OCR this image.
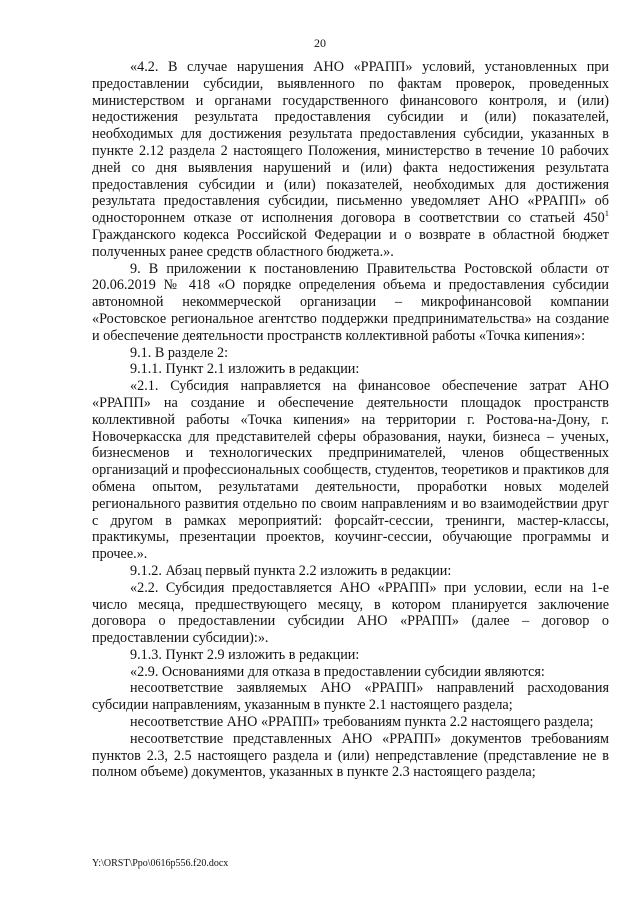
20

«4.2. В случае нарушения АНО «РРАПП» условий, установленных при предоставлении субсидии, выявленного по фактам проверок, проведенных министерством и органами государственного финансового контроля, и (или) недостижения результата предоставления субсидии и (или) показателей, необходимых для достижения результата предоставления субсидии, указанных в пункте 2.12 раздела 2 настоящего Положения, министерство в течение 10 рабочих дней со дня выявления нарушений и (или) факта недостижения результата предоставления субсидии и (или) показателей, необходимых для достижения результата предоставления субсидии, письменно уведомляет АНО «РРАПП» об одностороннем отказе от исполнения договора в соответствии со статьей $450^1$ Гражданского кодекса Российской Федерации и о возврате в областной бюджет полученных ранее средств областного бюджета.».

9. В приложении к постановлению Правительства Ростовской области от 20.06.2019 № 418 «О порядке определения объема и предоставления субсидии автономной некоммерческой организации – микрофинансовой компании «Ростовское региональное агентство поддержки предпринимательства» на создание и обеспечение деятельности пространств коллективной работы «Точка кипения»:

9.1. В разделе 2:

9.1.1. Пункт 2.1 изложить в редакции:

«2.1. Субсидия направляется на финансовое обеспечение затрат АНО «РРАПП» на создание и обеспечение деятельности площадок пространств коллективной работы «Точка кипения» на территории г. Ростова-на-Дону, г. Новочеркасска для представителей сферы образования, науки, бизнеса – ученых, бизнесменов и технологических предпринимателей, членов общественных организаций и профессиональных сообществ, студентов, теоретиков и практиков для обмена опытом, результатами деятельности, проработки новых моделей регионального развития отдельно по своим направлениям и во взаимодействии друг с другом в рамках мероприятий: форсайт-сессии, тренинги, мастер-классы, практикумы, презентации проектов, коучинг-сессии, обучающие программы и прочее.».

9.1.2. Абзац первый пункта 2.2 изложить в редакции:

«2.2. Субсидия предоставляется АНО «РРАПП» при условии, если на 1-е число месяца, предшествующего месяцу, в котором планируется заключение договора о предоставлении субсидии АНО «РРАПП» (далее – договор о предоставлении субсидии):».

9.1.3. Пункт 2.9 изложить в редакции:

«2.9. Основаниями для отказа в предоставлении субсидии являются:

несоответствие заявляемых АНО «РРАПП» направлений расходования субсидии направлениям, указанным в пункте 2.1 настоящего раздела;

несоответствие АНО «РРАПП» требованиям пункта 2.2 настоящего раздела;

несоответствие представленных АНО «РРАПП» документов требованиям пунктов 2.3, 2.5 настоящего раздела и (или) непредставление (представление не в полном объеме) документов, указанных в пункте 2.3 настоящего раздела;

Y:\ORST\Ppo\0616p556.f20.docx
